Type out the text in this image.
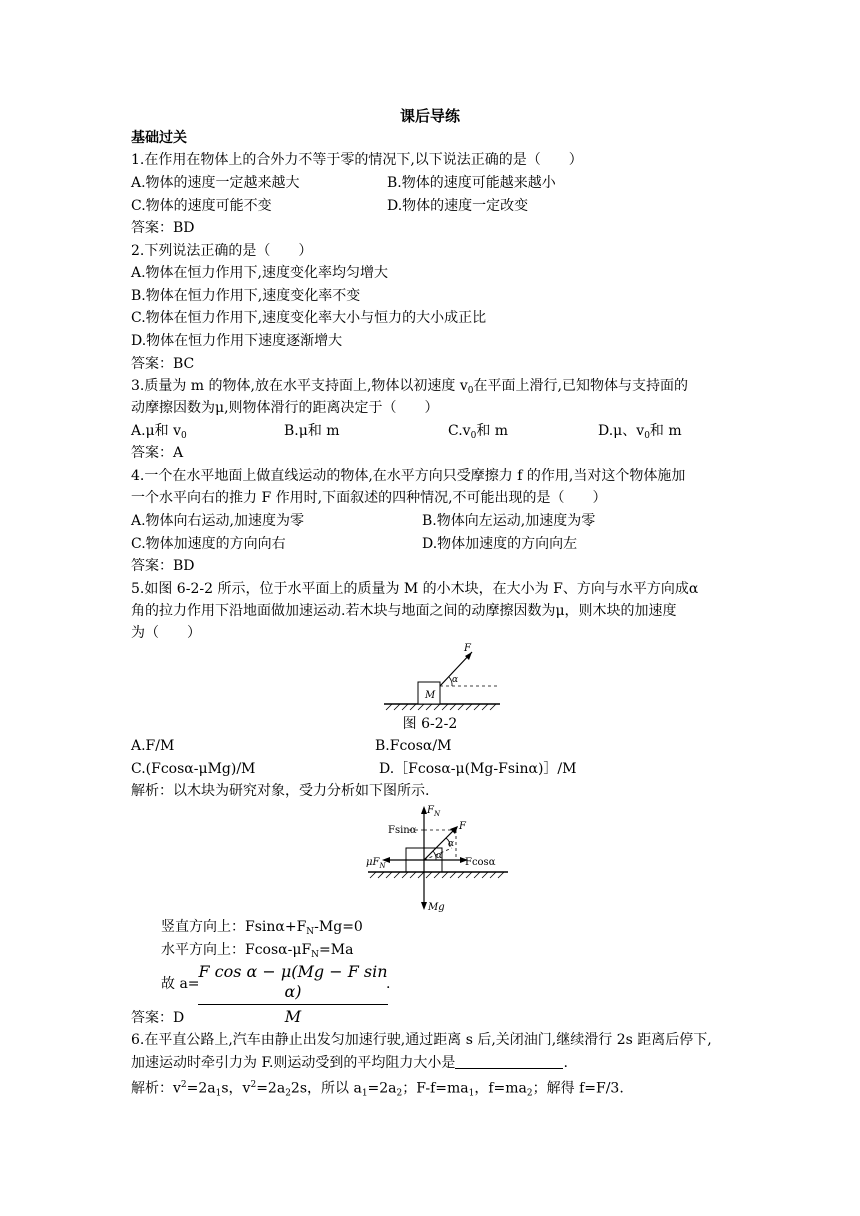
课后导练
基础过关
1.在作用在物体上的合外力不等于零的情况下,以下说法正确的是（　　）
A.物体的速度一定越来越大	B.物体的速度可能越来越小
C.物体的速度可能不变	D.物体的速度一定改变
答案：BD
2.下列说法正确的是（　　）
A.物体在恒力作用下,速度变化率均匀增大
B.物体在恒力作用下,速度变化率不变
C.物体在恒力作用下,速度变化率大小与恒力的大小成正比
D.物体在恒力作用下速度逐渐增大
答案：BC
3.质量为 m 的物体,放在水平支持面上,物体以初速度 $v_0$在平面上滑行,已知物体与支持面的
动摩擦因数为μ,则物体滑行的距离决定于（　　）
A.μ和 $v_0$	B.μ和 m	$C.v_0$和 m	D.μ、$v_0$和 m
答案：A
4.一个在水平地面上做直线运动的物体,在水平方向只受摩擦力 f 的作用,当对这个物体施加
一个水平向右的推力 F 作用时,下面叙述的四种情况,不可能出现的是（　　）
A.物体向右运动,加速度为零	B.物体向左运动,加速度为零
C.物体加速度的方向向右	D.物体加速度的方向向左
答案：BD
5.如图 6-2-2 所示，位于水平面上的质量为 M 的小木块，在大小为 F、方向与水平方向成α
角的拉力作用下沿地面做加速运动.若木块与地面之间的动摩擦因数为μ，则木块的加速度
为（　　）
M
α
F
图 6-2-2
A.F/M	B.Fcosα/M
C.(Fcosα-μMg)/M	D.［Fcosα-μ(Mg-Fsinα)］/M
解析：以木块为研究对象，受力分析如下图所示.
$F_N$
Fsinα	F
α
α
$\mu F_N$	Fcosα
Mg
竖直方向上：$Fsin\alpha+F_N-Mg=0$
水平方向上：Fcosα-$\mu F_N=Ma$
故 a=
$\frac{\text{F cos α − μ(Mg − F sin α)}}{M}$
.
答案：D
6.在平直公路上,汽车由静止出发匀加速行驶,通过距离 s 后,关闭油门,继续滑行 2s 距离后停下,
加速运动时牵引力为 F.则运动受到的平均阻力大小是	.
解析：$v^2=2a_1s$，$v^2=2a_22s$，所以 $a_1=2a_2$；$F-f=ma_1$，$f=ma_2$；解得 f=F/3.
